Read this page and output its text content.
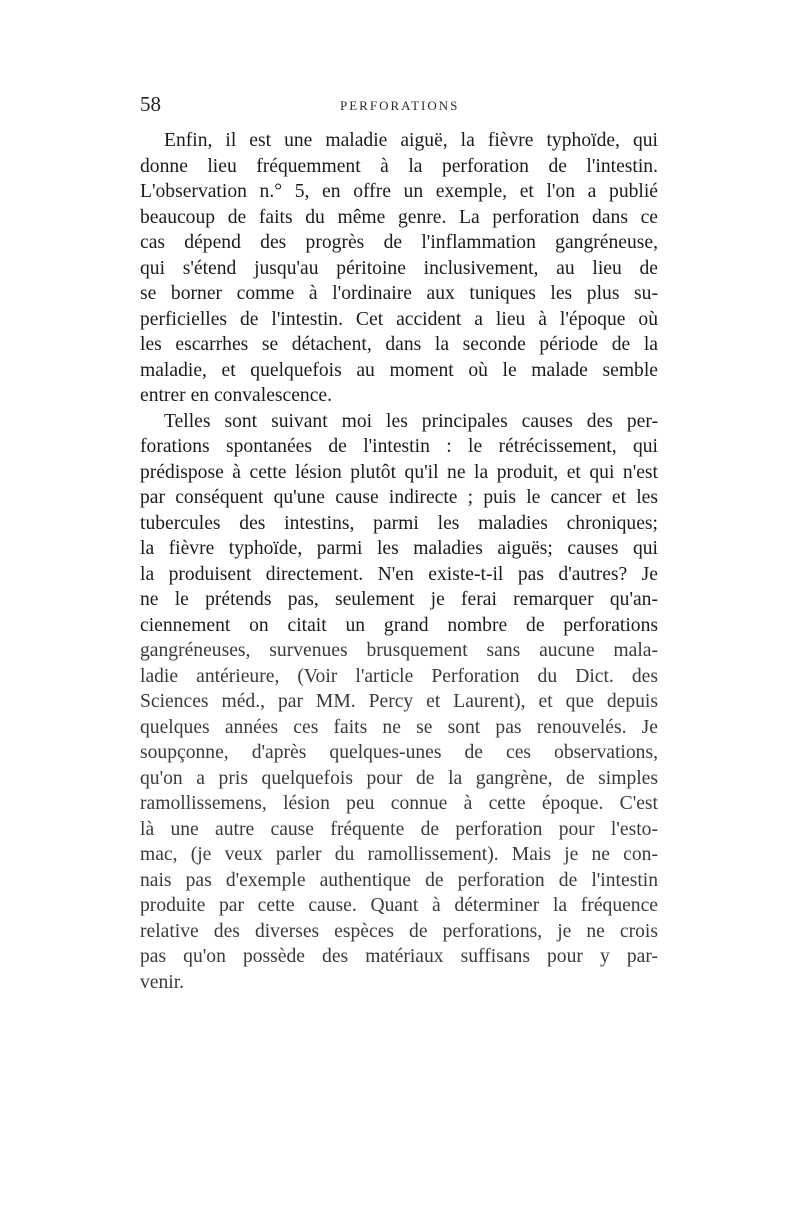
58	PERFORATIONS
Enfin, il est une maladie aiguë, la fièvre typhoïde, qui
donne lieu fréquemment à la perforation de l'intestin.
L'observation n.° 5, en offre un exemple, et l'on a publié
beaucoup de faits du même genre. La perforation dans ce
cas dépend des progrès de l'inflammation gangréneuse,
qui s'étend jusqu'au péritoine inclusivement, au lieu de
se borner comme à l'ordinaire aux tuniques les plus su-
perficielles de l'intestin. Cet accident a lieu à l'époque où
les escarrhes se détachent, dans la seconde période de la
maladie, et quelquefois au moment où le malade semble
entrer en convalescence.
Telles sont suivant moi les principales causes des per-
forations spontanées de l'intestin : le rétrécissement, qui
prédispose à cette lésion plutôt qu'il ne la produit, et qui n'est
par conséquent qu'une cause indirecte ; puis le cancer et les
tubercules des intestins, parmi les maladies chroniques;
la fièvre typhoïde, parmi les maladies aiguës; causes qui
la produisent directement. N'en existe-t-il pas d'autres? Je
ne le prétends pas, seulement je ferai remarquer qu'an-
ciennement on citait un grand nombre de perforations
gangréneuses, survenues brusquement sans aucune mala-
ladie antérieure, (Voir l'article Perforation du Dict. des
Sciences méd., par MM. Percy et Laurent), et que depuis
quelques années ces faits ne se sont pas renouvelés. Je
soupçonne, d'après quelques-unes de ces observations,
qu'on a pris quelquefois pour de la gangrène, de simples
ramollissemens, lésion peu connue à cette époque. C'est
là une autre cause fréquente de perforation pour l'esto-
mac, (je veux parler du ramollissement). Mais je ne con-
nais pas d'exemple authentique de perforation de l'intestin
produite par cette cause. Quant à déterminer la fréquence
relative des diverses espèces de perforations, je ne crois
pas qu'on possède des matériaux suffisans pour y par-
venir.
